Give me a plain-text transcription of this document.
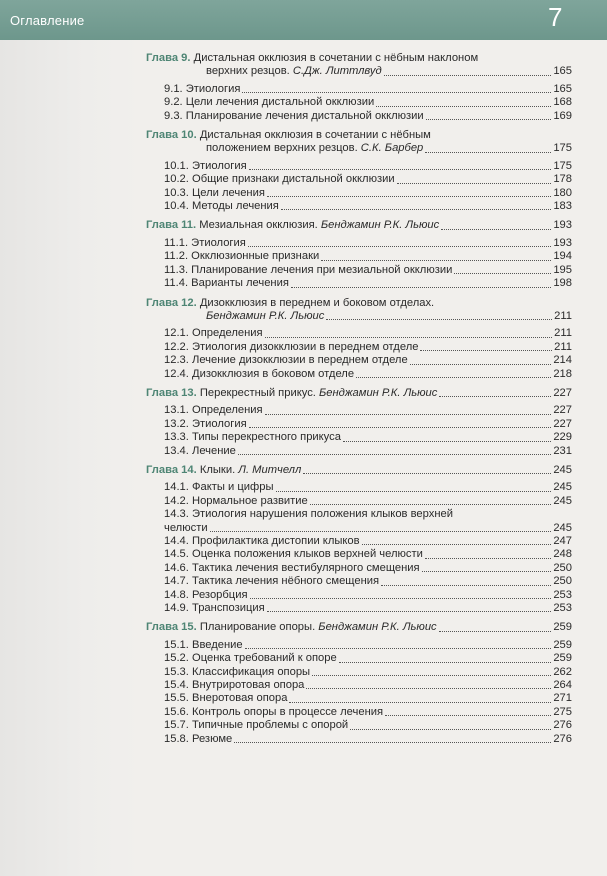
Оглавление	7
Глава 9. Дистальная окклюзия в сочетании с нёбным наклоном
верхних резцов. С.Дж. Литтлвуд	165
9.1. Этиология	165
9.2. Цели лечения дистальной окклюзии	168
9.3. Планирование лечения дистальной окклюзии	169
Глава 10. Дистальная окклюзия в сочетании с нёбным
положением верхних резцов. С.К. Барбер	175
10.1. Этиология	175
10.2. Общие признаки дистальной окклюзии	178
10.3. Цели лечения	180
10.4. Методы лечения	183
Глава 11. Мезиальная окклюзия. Бенджамин Р.К. Льюис	193
11.1. Этиология	193
11.2. Окклюзионные признаки	194
11.3. Планирование лечения при мезиальной окклюзии	195
11.4. Варианты лечения	198
Глава 12. Дизокклюзия в переднем и боковом отделах.
Бенджамин Р.К. Льюис	211
12.1. Определения	211
12.2. Этиология дизокклюзии в переднем отделе	211
12.3. Лечение дизокклюзии в переднем отделе	214
12.4. Дизокклюзия в боковом отделе	218
Глава 13. Перекрестный прикус. Бенджамин Р.К. Льюис	227
13.1. Определения	227
13.2. Этиология	227
13.3. Типы перекрестного прикуса	229
13.4. Лечение	231
Глава 14. Клыки. Л. Митчелл	245
14.1. Факты и цифры	245
14.2. Нормальное развитие	245
14.3. Этиология нарушения положения клыков верхней
челюсти	245
14.4. Профилактика дистопии клыков	247
14.5. Оценка положения клыков верхней челюсти	248
14.6. Тактика лечения вестибулярного смещения	250
14.7. Тактика лечения нёбного смещения	250
14.8. Резорбция	253
14.9. Транспозиция	253
Глава 15. Планирование опоры. Бенджамин Р.К. Льюис	259
15.1. Введение	259
15.2. Оценка требований к опоре	259
15.3. Классификация опоры	262
15.4. Внутриротовая опора	264
15.5. Внеротовая опора	271
15.6. Контроль опоры в процессе лечения	275
15.7. Типичные проблемы с опорой	276
15.8. Резюме	276
